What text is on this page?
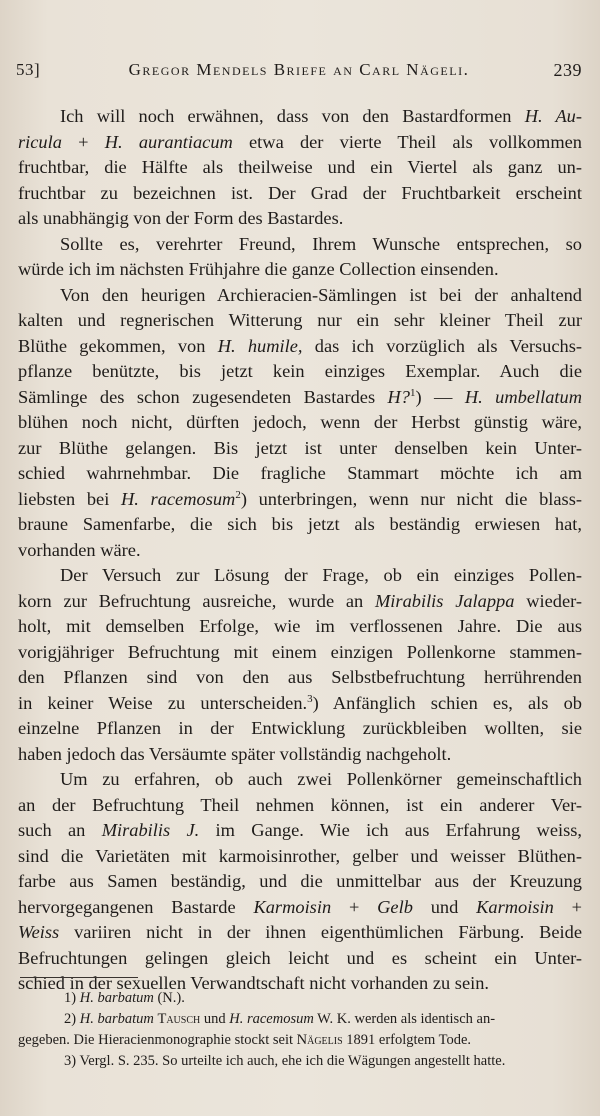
53]	Gregor Mendels Briefe an Carl Nägeli.	239
Ich will noch erwähnen, dass von den Bastardformen H. Au-
ricula + H. aurantiacum etwa der vierte Theil als vollkommen
fruchtbar, die Hälfte als theilweise und ein Viertel als ganz un-
fruchtbar zu bezeichnen ist. Der Grad der Fruchtbarkeit erscheint
als unabhängig von der Form des Bastardes.
Sollte es, verehrter Freund, Ihrem Wunsche entsprechen, so
würde ich im nächsten Frühjahre die ganze Collection einsenden.
Von den heurigen Archieracien-Sämlingen ist bei der anhaltend
kalten und regnerischen Witterung nur ein sehr kleiner Theil zur
Blüthe gekommen, von H. humile, das ich vorzüglich als Versuchs-
pflanze benützte, bis jetzt kein einziges Exemplar. Auch die
Sämlinge des schon zugesendeten Bastardes H?$^1$) — H. umbellatum
blühen noch nicht, dürften jedoch, wenn der Herbst günstig wäre,
zur Blüthe gelangen. Bis jetzt ist unter denselben kein Unter-
schied wahrnehmbar. Die fragliche Stammart möchte ich am
liebsten bei H. racemosum$^2$) unterbringen, wenn nur nicht die blass-
braune Samenfarbe, die sich bis jetzt als beständig erwiesen hat,
vorhanden wäre.
Der Versuch zur Lösung der Frage, ob ein einziges Pollen-
korn zur Befruchtung ausreiche, wurde an Mirabilis Jalappa wieder-
holt, mit demselben Erfolge, wie im verflossenen Jahre. Die aus
vorigjähriger Befruchtung mit einem einzigen Pollenkorne stammen-
den Pflanzen sind von den aus Selbstbefruchtung herrührenden
in keiner Weise zu unterscheiden.$^3$) Anfänglich schien es, als ob
einzelne Pflanzen in der Entwicklung zurückbleiben wollten, sie
haben jedoch das Versäumte später vollständig nachgeholt.
Um zu erfahren, ob auch zwei Pollenkörner gemeinschaftlich
an der Befruchtung Theil nehmen können, ist ein anderer Ver-
such an Mirabilis J. im Gange. Wie ich aus Erfahrung weiss,
sind die Varietäten mit karmoisinrother, gelber und weisser Blüthen-
farbe aus Samen beständig, und die unmittelbar aus der Kreuzung
hervorgegangenen Bastarde Karmoisin + Gelb und Karmoisin +
Weiss variiren nicht in der ihnen eigenthümlichen Färbung. Beide
Befruchtungen gelingen gleich leicht und es scheint ein Unter-
schied in der sexuellen Verwandtschaft nicht vorhanden zu sein.
1) H. barbatum (N.).
2) H. barbatum Tausch und H. racemosum W. K. werden als identisch an-
gegeben. Die Hieracienmonographie stockt seit Nägelis 1891 erfolgtem Tode.
3) Vergl. S. 235. So urteilte ich auch, ehe ich die Wägungen angestellt hatte.
